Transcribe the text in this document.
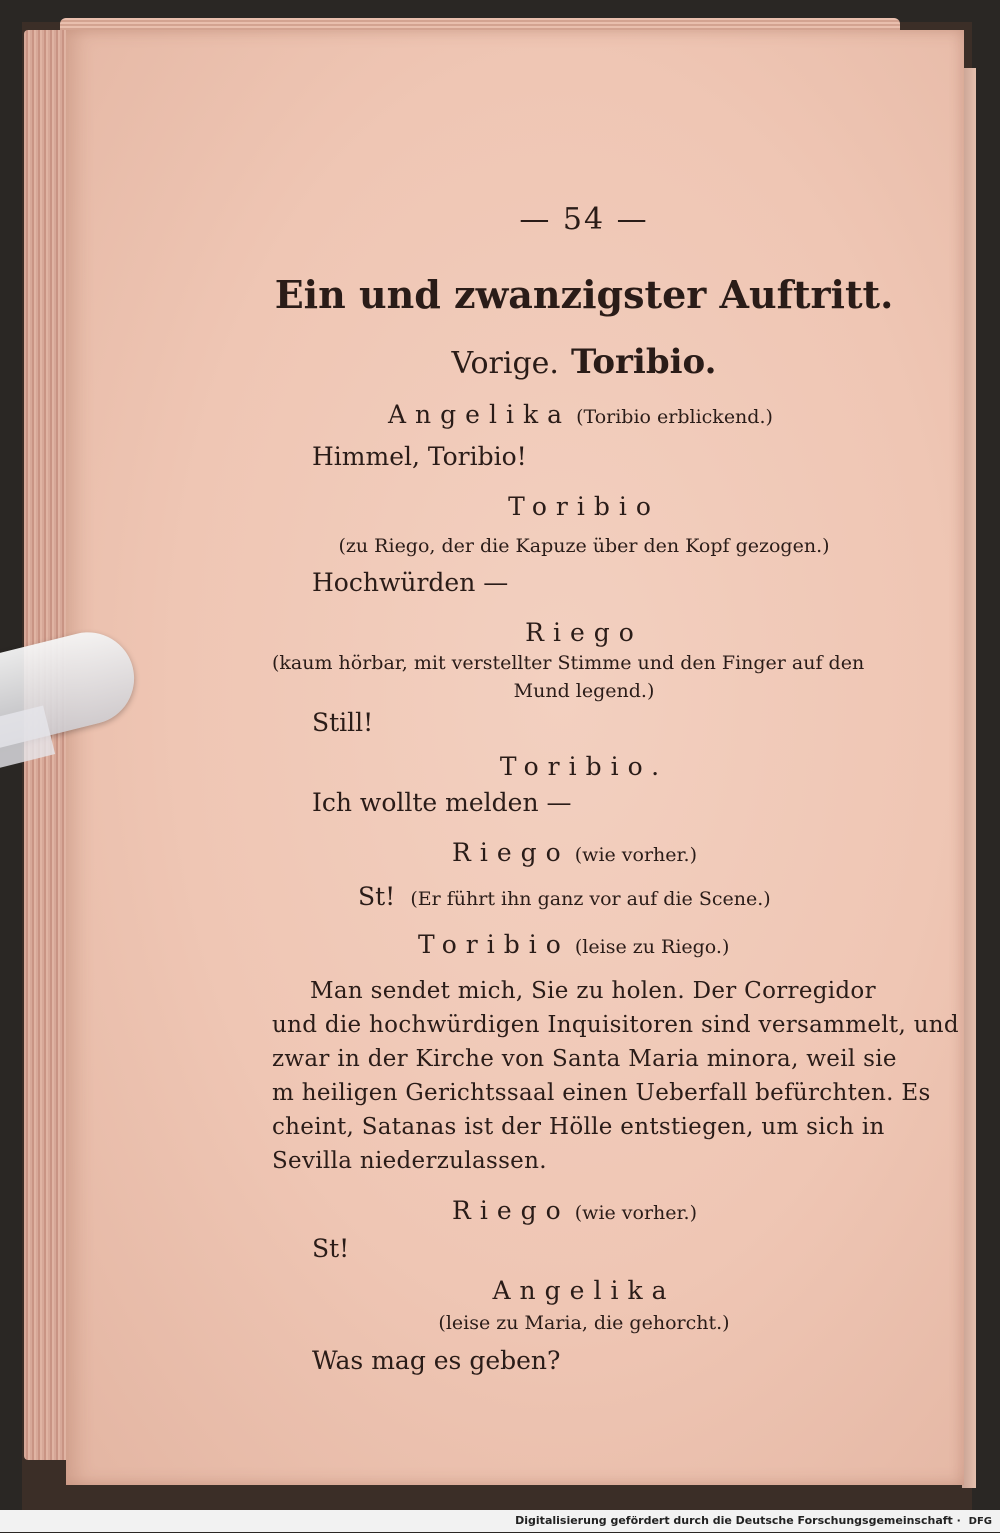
— 54 —
Ein und zwanzigster Auftritt.
Vorige. Toribio.
Angelika (Toribio erblickend.)
Himmel, Toribio!
Toribio
(zu Riego, der die Kapuze über den Kopf gezogen.)
Hochwürden —
Riego
(kaum hörbar, mit verstellter Stimme und den Finger auf den
Mund legend.)
Still!
Toribio.
Ich wollte melden —
Riego (wie vorher.)
St! (Er führt ihn ganz vor auf die Scene.)
Toribio (leise zu Riego.)
Man sendet mich, Sie zu holen. Der Corregidor
und die hochwürdigen Inquisitoren sind versammelt, und
zwar in der Kirche von Santa Maria minora, weil sie
m heiligen Gerichtssaal einen Ueberfall befürchten. Es
cheint, Satanas ist der Hölle entstiegen, um sich in
Sevilla niederzulassen.
Riego (wie vorher.)
St!
Angelika
(leise zu Maria, die gehorcht.)
Was mag es geben?
Digitalisierung gefördert durch die Deutsche Forschungsgemeinschaft · DFG
